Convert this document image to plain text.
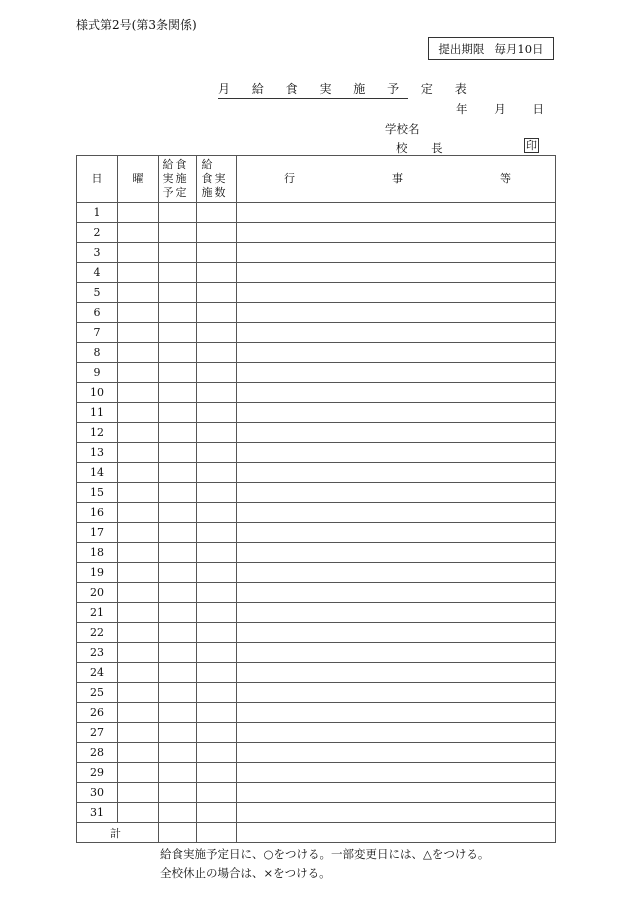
様式第2号(第3条関係)
提出期限 毎月10日
月 給 食 実 施 予 定 表
年 月 日
学校名
校 長	印
日	曜	給食実施予定	給 食実 施数	行 事 等

1				
2				
3				
4				
5				
6				
7				
8				
9				
10				
11				
12				
13				
14				
15				
16				
17				
18				
19				
20				
21				
22				
23				
24				
25				
26				
27				
28				
29				
30				
31				
計				
給食実施予定日に、○をつける。一部変更日には、△をつける。
全校休止の場合は、×をつける。
